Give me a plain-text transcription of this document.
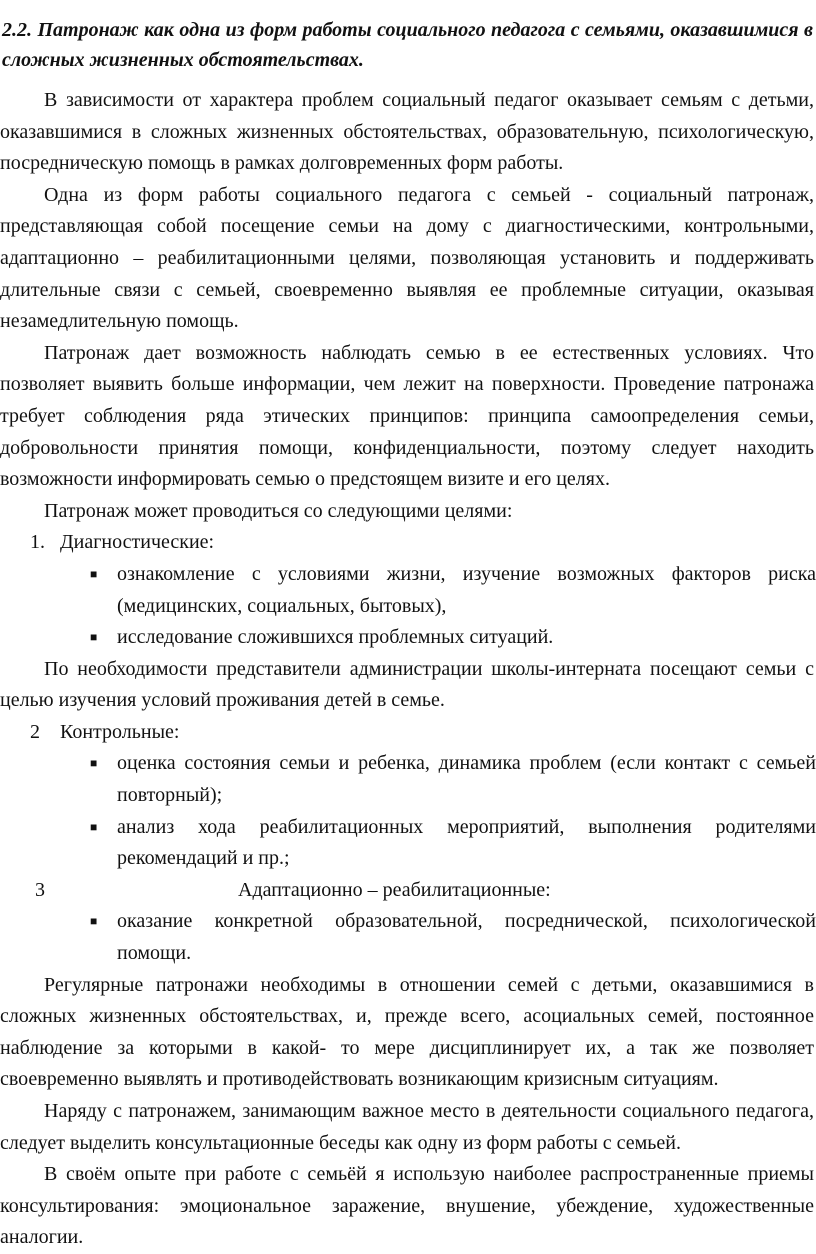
2.2. Патронаж как одна из форм работы социального педагога с семьями, оказавшимися в сложных жизненных обстоятельствах.

В зависимости от характера проблем социальный педагог оказывает семьям с детьми, оказавшимися в сложных жизненных обстоятельствах, образовательную, психологическую, посредническую помощь в рамках долговременных форм работы.

Одна из форм работы социального педагога с семьей - социальный патронаж, представляющая собой посещение семьи на дому с диагностическими, контрольными, адаптационно – реабилитационными целями, позволяющая установить и поддерживать длительные связи с семьей, своевременно выявляя ее проблемные ситуации, оказывая незамедлительную помощь.

Патронаж дает возможность наблюдать семью в ее естественных условиях. Что позволяет выявить больше информации, чем лежит на поверхности. Проведение патронажа требует соблюдения ряда этических принципов: принципа самоопределения семьи, добровольности принятия помощи, конфиденциальности, поэтому следует находить возможности информировать семью о предстоящем визите и его целях.

Патронаж может проводиться со следующими целями:

1. Диагностические:
■ ознакомление с условиями жизни, изучение возможных факторов риска (медицинских, социальных, бытовых),
■ исследование сложившихся проблемных ситуаций.

По необходимости представители администрации школы-интерната посещают семьи с целью изучения условий проживания детей в семье.

2 Контрольные:
■ оценка состояния семьи и ребенка, динамика проблем (если контакт с семьей повторный);
■ анализ хода реабилитационных мероприятий, выполнения родителями рекомендаций и пр.;
3	Адаптационно – реабилитационные:
■ оказание конкретной образовательной, посреднической, психологической помощи.

Регулярные патронажи необходимы в отношении семей с детьми, оказавшимися в сложных жизненных обстоятельствах, и, прежде всего, асоциальных семей, постоянное наблюдение за которыми в какой- то мере дисциплинирует их, а так же позволяет своевременно выявлять и противодействовать возникающим кризисным ситуациям.

Наряду с патронажем, занимающим важное место в деятельности социального педагога, следует выделить консультационные беседы как одну из форм работы с семьей.

В своём опыте при работе с семьёй я использую наиболее распространенные приемы консультирования: эмоциональное заражение, внушение, убеждение, художественные аналогии.
